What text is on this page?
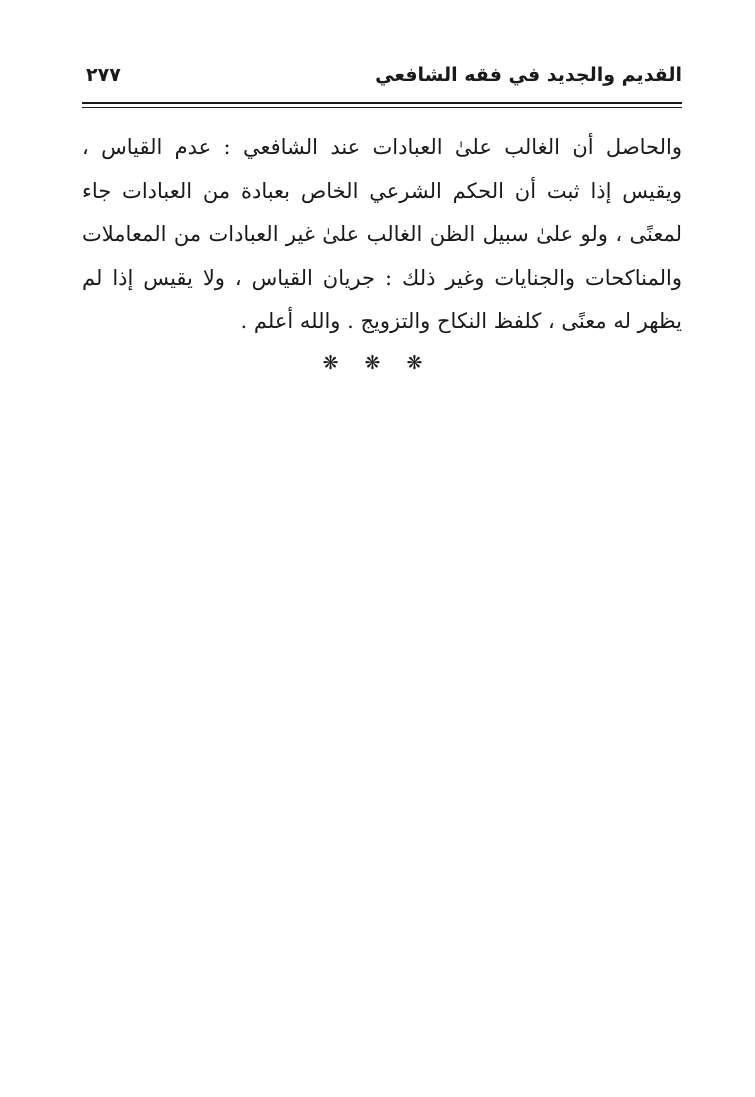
القديم والجديد في فقه الشافعي
٢٧٧
والحاصل أن الغالب علىٰ العبادات عند الشافعي : عدم القياس ،
ويقيس إذا ثبت أن الحكم الشرعي الخاص بعبادة من العبادات جاء
لمعنًى ، ولو علىٰ سبيل الظن الغالب علىٰ غير العبادات من المعاملات
والمناكحات والجنايات وغير ذلك : جريان القياس ، ولا يقيس إذا لم
يظهر له معنًى ، كلفظ النكاح والتزويج . والله أعلم .
❋ ❋ ❋
